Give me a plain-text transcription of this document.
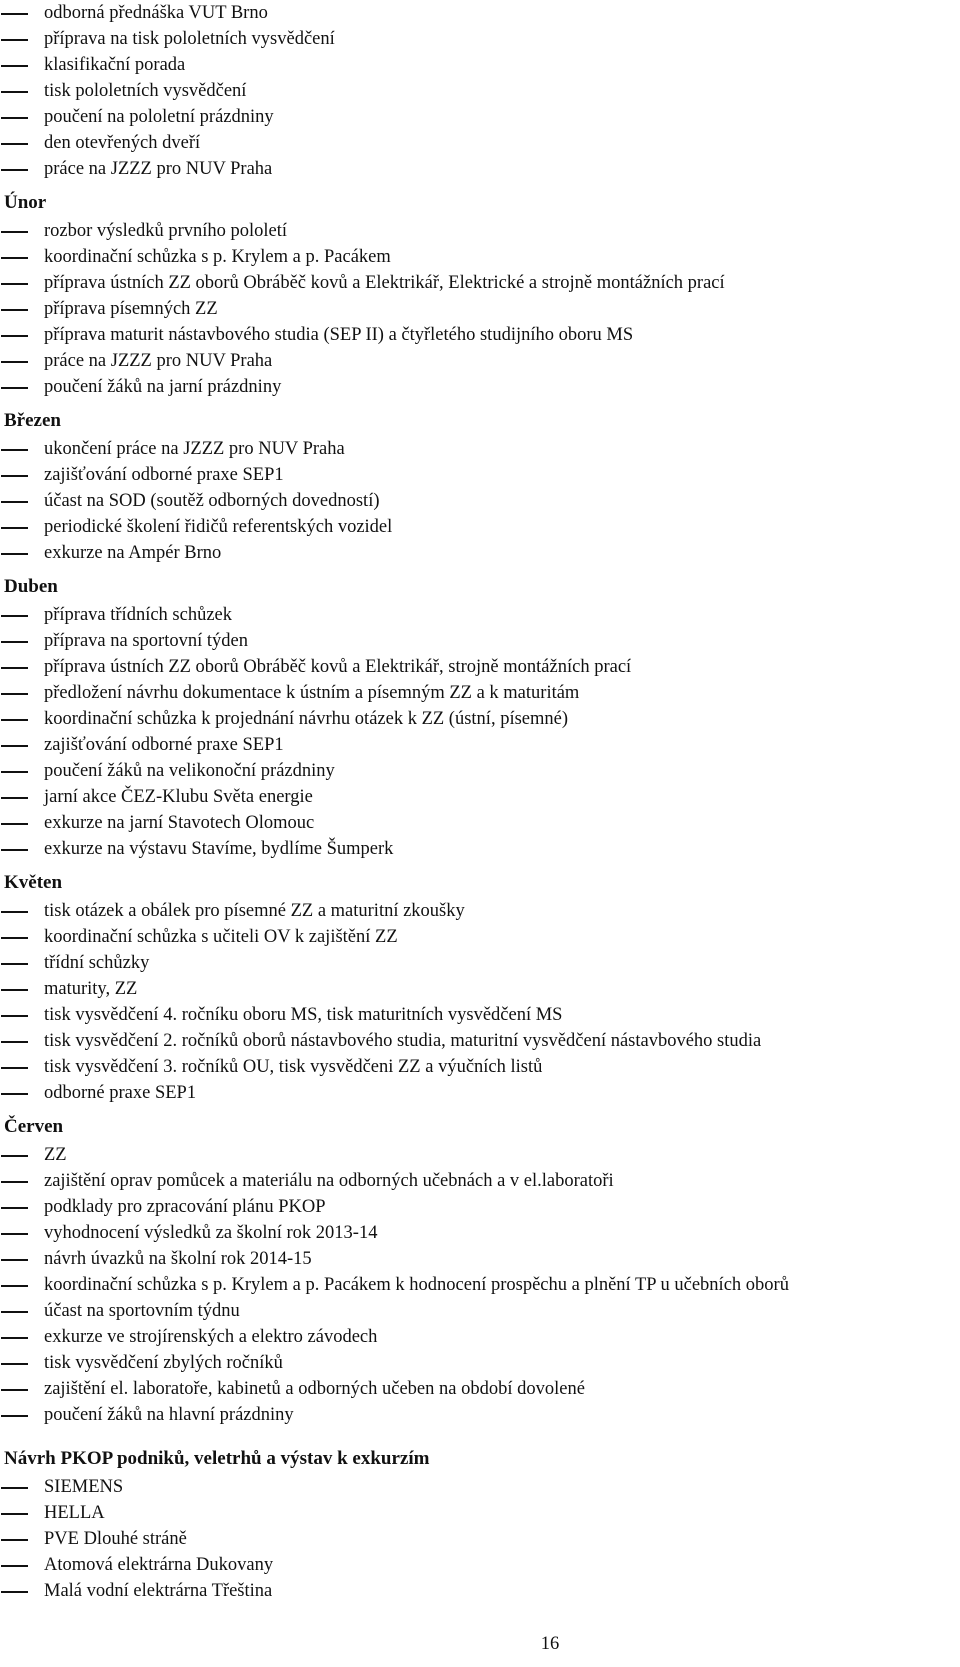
odborná přednáška VUT Brno
příprava na tisk pololetních vysvědčení
klasifikační porada
tisk pololetních vysvědčení
poučení na pololetní prázdniny
den otevřených dveří
práce na JZZZ pro NUV Praha
Únor
rozbor výsledků prvního pololetí
koordinační schůzka s p. Krylem a p. Pacákem
příprava ústních ZZ oborů Obráběč kovů a Elektrikář, Elektrické a strojně montážních prací
příprava písemných ZZ
příprava maturit nástavbového studia (SEP II) a čtyřletého studijního oboru MS
práce na JZZZ pro NUV Praha
poučení žáků na jarní prázdniny
Březen
ukončení práce na JZZZ pro NUV Praha
zajišťování odborné praxe SEP1
účast na SOD (soutěž odborných dovedností)
periodické školení řidičů referentských vozidel
exkurze na Ampér Brno
Duben
příprava třídních schůzek
příprava na sportovní týden
příprava ústních ZZ oborů Obráběč kovů a Elektrikář, strojně montážních prací
předložení návrhu dokumentace k ústním a písemným ZZ a k maturitám
koordinační schůzka k projednání návrhu otázek k ZZ (ústní, písemné)
zajišťování odborné praxe SEP1
poučení žáků na velikonoční prázdniny
jarní akce ČEZ-Klubu Světa energie
exkurze na jarní Stavotech Olomouc
exkurze na výstavu Stavíme, bydlíme Šumperk
Květen
tisk otázek a obálek pro písemné ZZ a maturitní zkoušky
koordinační schůzka s učiteli OV k zajištění ZZ
třídní schůzky
maturity, ZZ
tisk vysvědčení 4. ročníku oboru MS, tisk maturitních vysvědčení MS
tisk vysvědčení 2. ročníků oborů nástavbového studia, maturitní vysvědčení nástavbového studia
tisk vysvědčení 3. ročníků OU, tisk vysvědčeni ZZ a výučních listů
odborné praxe SEP1
Červen
ZZ
zajištění oprav pomůcek a materiálu na odborných učebnách a v el.laboratoři
podklady pro zpracování plánu PKOP
vyhodnocení výsledků za školní rok 2013-14
návrh úvazků na školní rok 2014-15
koordinační schůzka s p. Krylem a p. Pacákem k hodnocení prospěchu a plnění TP u učebních oborů
účast na sportovním týdnu
exkurze ve strojírenských a elektro závodech
tisk vysvědčení zbylých ročníků
zajištění el. laboratoře, kabinetů a odborných učeben na období dovolené
poučení žáků na hlavní prázdniny
Návrh PKOP podniků, veletrhů a výstav k exkurzím
SIEMENS
HELLA
PVE Dlouhé stráně
Atomová elektrárna Dukovany
Malá vodní elektrárna Třeština
16
